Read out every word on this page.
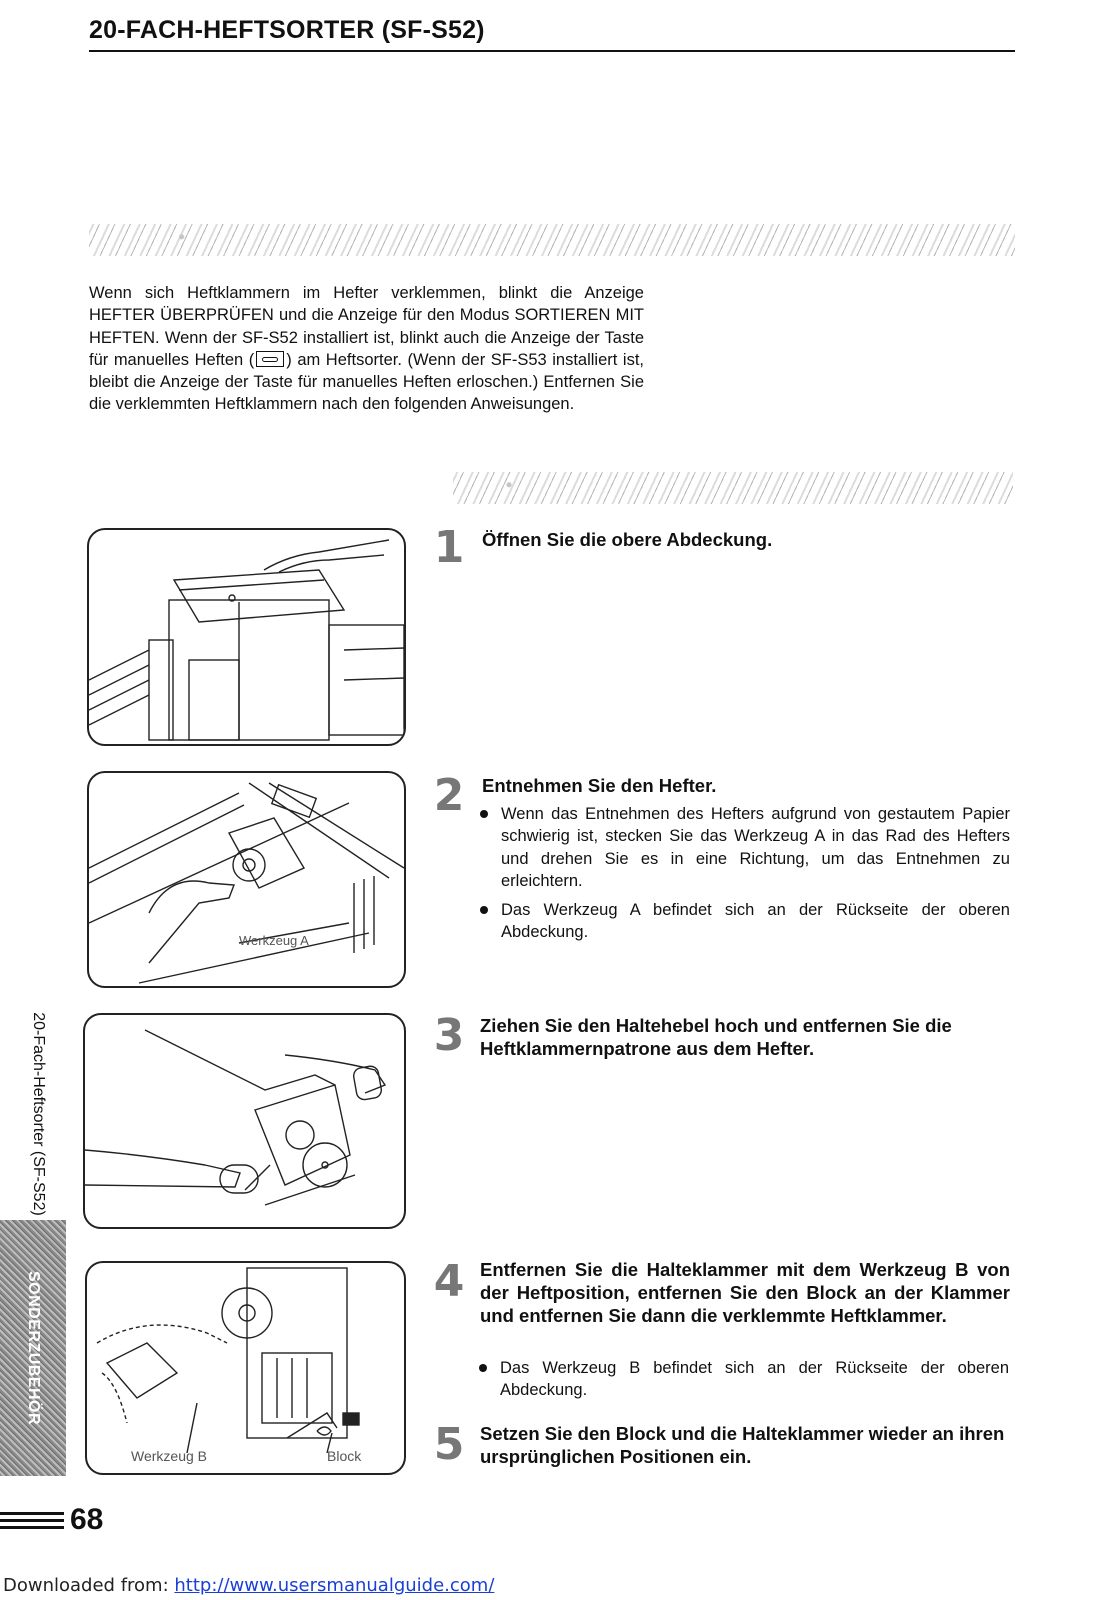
20-FACH-HEFTSORTER (SF-S52)

Wenn sich Heftklammern im Hefter verklemmen, blinkt die Anzeige HEFTER ÜBERPRÜFEN und die Anzeige für den Modus SORTIEREN MIT HEFTEN. Wenn der SF-S52 installiert ist, blinkt auch die Anzeige der Taste für manuelles Heften ( ) am Heftsorter. (Wenn der SF-S53 installiert ist, bleibt die Anzeige der Taste für manuelles Heften erloschen.) Entfernen Sie die verklemmten Heftklammern nach den folgenden Anweisungen.

1 Öffnen Sie die obere Abdeckung.
Werkzeug A
2 Entnehmen Sie den Hefter.
Wenn das Entnehmen des Hefters aufgrund von gestautem Papier schwierig ist, stecken Sie das Werkzeug A in das Rad des Hefters und drehen Sie es in eine Richtung, um das Entnehmen zu erleichtern.
Das Werkzeug A befindet sich an der Rückseite der oberen Abdeckung.
3 Ziehen Sie den Haltehebel hoch und entfernen Sie die Heftklammernpatrone aus dem Hefter.
Werkzeug B	Block
4 Entfernen Sie die Halteklammer mit dem Werkzeug B von der Heftposition, entfernen Sie den Block an der Klammer und entfernen Sie dann die verklemmte Heftklammer.
Das Werkzeug B befindet sich an der Rückseite der oberen Abdeckung.
5 Setzen Sie den Block und die Halteklammer wieder an ihren ursprünglichen Positionen ein.
20-Fach-Heftsorter (SF-S52)
SONDERZUBEHÖR
68
Downloaded from: http://www.usersmanualguide.com/
